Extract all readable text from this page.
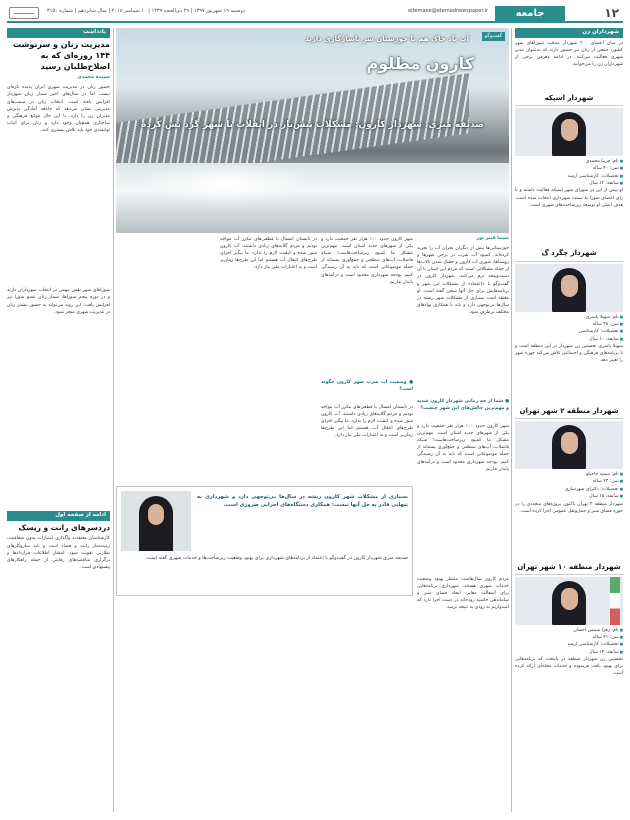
۱۲
جامعه
ejtemaee@etemadnewspaper.ir
دوشنبه ۱۹ شهریور ۱۳۹۷ | ۲۹ ذی‌الحجه ۱۴۳۹ | ۱۰ سپتامبر ۲۰۱۸ | سال شانزدهم | شماره ۴۱۵۰
شهرداران زن
در میان اعضای ۲۰۰ شهردار منتخب شوراهای شهر کشور، جمعی از زنان نیز حضور دارند که به‌عنوان مدیر شهری فعالیت می‌کنند. در ادامه معرفی برخی از شهرداران زن را می‌خوانید.
شهردار اسپکه
■ نام: فریبا محمدی
■ سن: ۴۰ ساله
■ تحصیلات: کارشناسی ارشد
■ سابقه: ۱۲ سال
او پیش از این در شورای شهر اسپکه فعالیت داشته و با رای اعضای شورا به سمت شهرداری انتخاب شده است. هدف اصلی او توسعه زیرساخت‌های شهری است.
شهردار چگرد گ
■ نام: سهیلا پاسری
■ سن: ۳۸ ساله
■ تحصیلات: کارشناسی
■ سابقه: ۱۰ سال
سهیلا پاسری نخستین زن شهردار در این منطقه است و با برنامه‌های فرهنگی و اجتماعی تلاش می‌کند چهره شهر را تغییر دهد.
شهردار منطقه ۲ شهر تهران
■ نام: سمیه حاجیلو
■ سن: ۴۳ ساله
■ تحصیلات: دکترای شهرسازی
■ سابقه: ۱۵ سال
شهردار منطقه ۲ تهران تاکنون پروژه‌های متعددی را در حوزه فضای سبز و حمل‌ونقل عمومی اجرا کرده است.
شهردار منطقه ۱۰ شهر تهران
■ نام: زهرا شمس احسان
■ سن: ۴۱ ساله
■ تحصیلات: کارشناسی ارشد
■ سابقه: ۱۴ سال
نخستین زن شهردار منطقه در پایتخت که برنامه‌هایی برای بهبود بافت فرسوده و خدمات محله‌ای ارائه کرده است.
گفت‌وگو
آب‌ یاد خاک هم با خوزستان سر ناسازگاری دارند
کارون مظلوم
صدیقه میری، شهردار کارون: مشکلات پیش‌تاز در انقلاب با شهر گرد پس کرده
سیما قنبر پور
خوزستانی‌ها بیش از دیگران بحران آب را تجربه کرده‌اند. کمبود آب شرب در برخی شهرها و روستاها، شوری آب کارون و خشک شدن تالاب‌ها از جمله مشکلاتی است که مردم این استان با آن دست‌وپنجه نرم می‌کنند. شهردار کارون در گفت‌وگو با «اعتماد» از مشکلات این شهر و برنامه‌هایش برای حل آنها سخن گفته است. او معتقد است بسیاری از مشکلات شهر ریشه در سال‌ها بی‌توجهی دارد و باید با همکاری نهادهای مختلف برطرف شود.
● شما از چه زمانی شهردار کارون شدید و مهم‌ترین چالش‌های این شهر چیست؟
شهر کارون حدود ۱۰۰ هزار نفر جمعیت دارد و یکی از شهرهای جدید استان است. مهم‌ترین مشکل ما کمبود زیرساخت‌هاست؛ شبکه فاضلاب، آب‌های سطحی و جمع‌آوری پسماند از جمله موضوعاتی است که باید به آن رسیدگی کنیم. بودجه شهرداری محدود است و درآمدهای پایدار نداریم.
مردم کارون سال‌هاست منتظر بهبود وضعیت خدمات شهری هستند. شهرداری برنامه‌هایی برای آسفالت معابر، ایجاد فضای سبز و ساماندهی حاشیه رودخانه در دست اجرا دارد که امیدواریم به زودی به نتیجه برسد.
شهر کارون حدود ۱۰۰ هزار نفر جمعیت دارد و یکی از شهرهای جدید استان است. مهم‌ترین مشکل ما کمبود زیرساخت‌هاست؛ شبکه فاضلاب، آب‌های سطحی و جمع‌آوری پسماند از جمله موضوعاتی است که باید به آن رسیدگی کنیم. بودجه شهرداری محدود است و درآمدهای پایدار نداریم.
● وضعیت آب شرب شهر کارون چگونه است؟
در تابستان امسال با قطعی‌های مکرر آب مواجه بودیم و مردم گلایه‌های زیادی داشتند. آب کارون شور شده و کیفیت لازم را ندارد. ما پیگیر اجرای طرح‌های انتقال آب هستیم اما این طرح‌ها زمان‌بر است و به اعتبارات ملی نیاز دارد.
در تابستان امسال با قطعی‌های مکرر آب مواجه بودیم و مردم گلایه‌های زیادی داشتند. آب کارون شور شده و کیفیت لازم را ندارد. ما پیگیر اجرای طرح‌های انتقال آب هستیم اما این طرح‌ها زمان‌بر است و به اعتبارات ملی نیاز دارد.
بسیاری از مشکلات شهر کارون ریشه در سال‌ها بی‌توجهی دارد و شهرداری به تنهایی قادر به حل آنها نیست؛ همکاری دستگاه‌های اجرایی ضروری است.
صدیقه میری شهردار کارون در گفت‌وگو با اعتماد از برنامه‌های شهرداری برای بهبود وضعیت زیرساخت‌ها و خدمات شهری گفته است.
یادداشت
مدیریت زنان و سرنوشت ۱۴۴ روزه‌ای که به اصلاح‌طلبان رسید
سپیده محمدی
حضور زنان در مدیریت شهری ایران پدیده تازه‌ای نیست اما در سال‌های اخیر شمار زنان شهردار افزایش یافته است. انتخاب زنان در سمت‌های مدیریتی نشان می‌دهد که جامعه آمادگی پذیرش مدیران زن را دارد. با این حال موانع فرهنگی و ساختاری همچنان وجود دارد و زنان برای اثبات توانمندی خود باید تلاش بیشتری کنند.
شوراهای شهر نقش مهمی در انتخاب شهرداران دارند و در دوره پنجم شوراها، شمار زنان عضو شورا نیز افزایش یافت. این روند می‌تواند به حضور بیشتر زنان در مدیریت شهری منجر شود.
ادامه از صفحه اول
دردسرهای رانت و ریسک
کارشناسان معتقدند واگذاری امتیازات بدون شفافیت، زمینه‌ساز رانت و فساد است و باید سازوکارهای نظارتی تقویت شود. انتشار اطلاعات قراردادها و برگزاری مناقصه‌های رقابتی از جمله راهکارهای پیشنهادی است.
